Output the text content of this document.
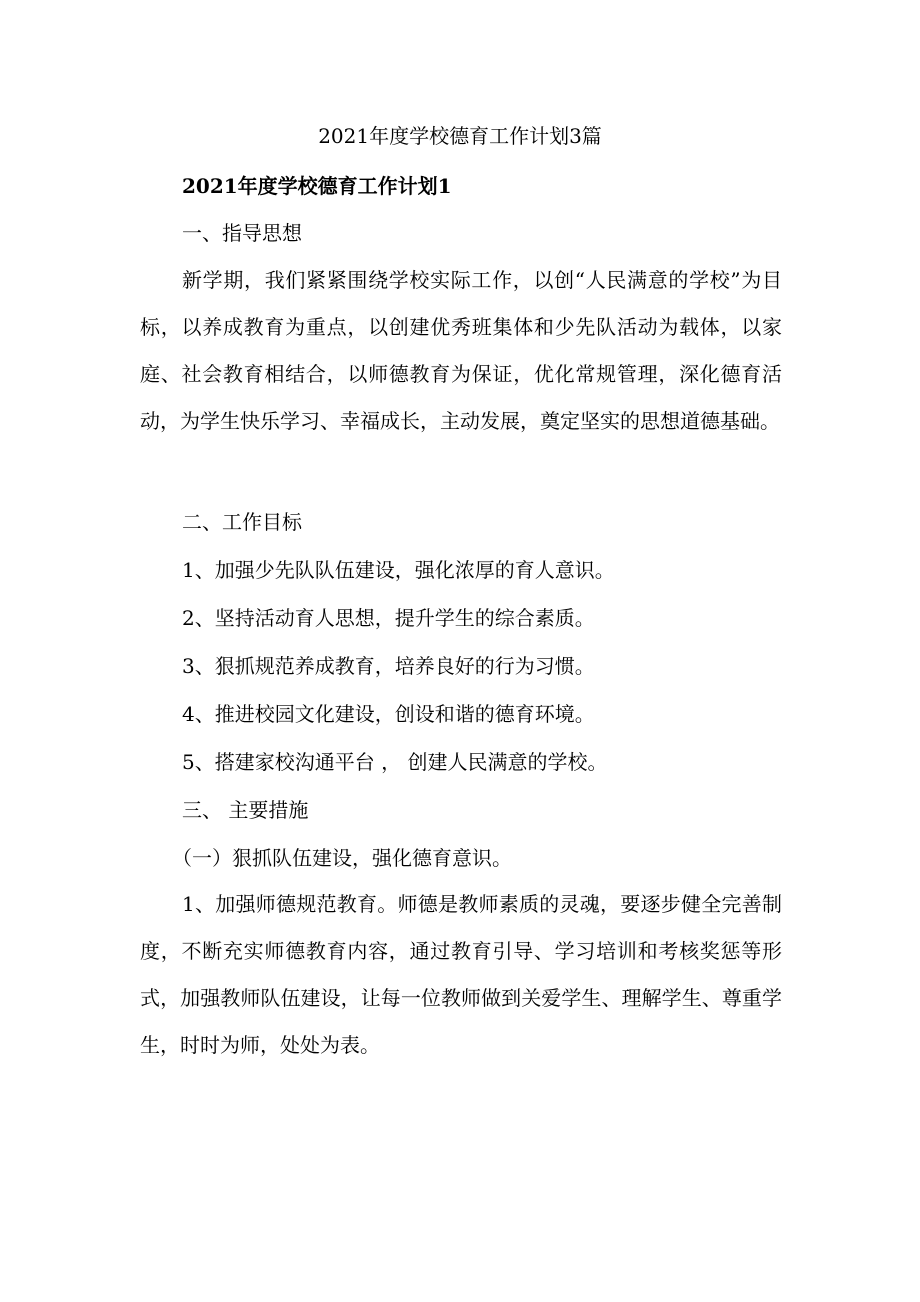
2021年度学校德育工作计划3篇
2021年度学校德育工作计划1
一、指导思想

新学期，我们紧紧围绕学校实际工作，以创“人民满意的学校”为目标，以养成教育为重点，以创建优秀班集体和少先队活动为载体，以家庭、社会教育相结合，以师德教育为保证，优化常规管理，深化德育活动，为学生快乐学习、幸福成长，主动发展，奠定坚实的思想道德基础。

二、工作目标
1、加强少先队队伍建设，强化浓厚的育人意识。
2、坚持活动育人思想，提升学生的综合素质。
3、狠抓规范养成教育，培养良好的行为习惯。
4、推进校园文化建设，创设和谐的德育环境。
5、搭建家校沟通平台 ， 创建人民满意的学校。
三、 主要措施
（一）狠抓队伍建设，强化德育意识。

1、加强师德规范教育。师德是教师素质的灵魂，要逐步健全完善制度，不断充实师德教育内容，通过教育引导、学习培训和考核奖惩等形式，加强教师队伍建设，让每一位教师做到关爱学生、理解学生、尊重学生，时时为师，处处为表。
